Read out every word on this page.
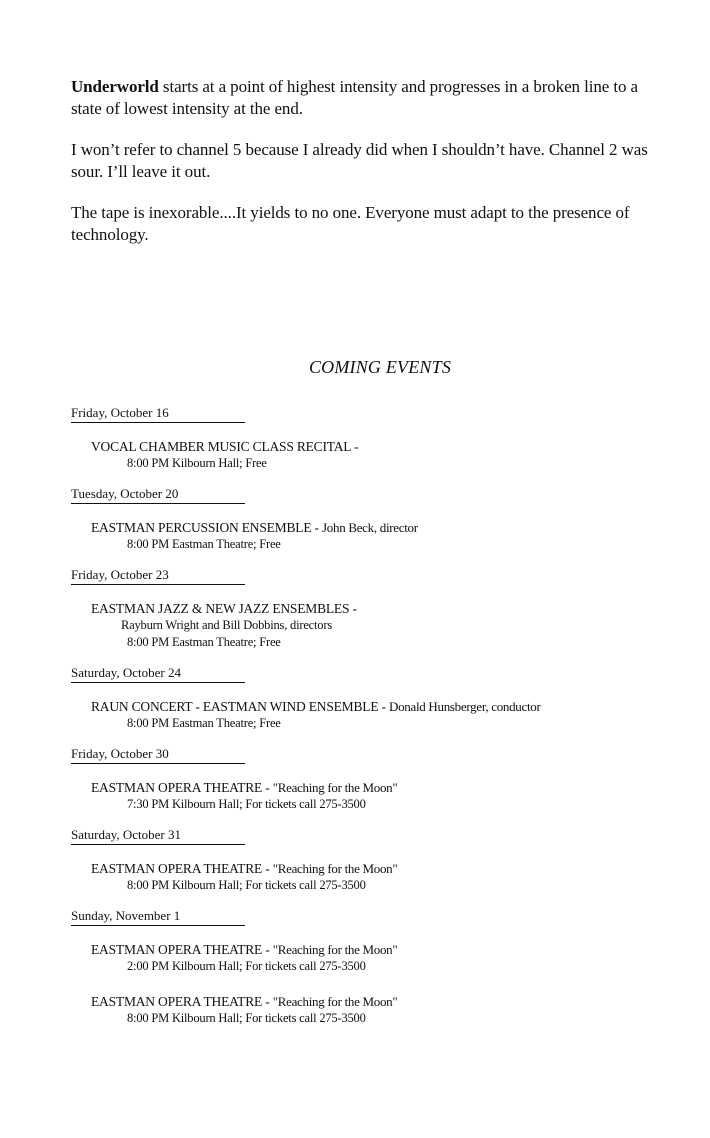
Underworld starts at a point of highest intensity and progresses in a broken line to a state of lowest intensity at the end.

I won’t refer to channel 5 because I already did when I shouldn’t have. Channel 2 was sour. I’ll leave it out.

The tape is inexorable....It yields to no one. Everyone must adapt to the presence of technology.

COMING EVENTS
Friday, October 16
VOCAL CHAMBER MUSIC CLASS RECITAL -
8:00 PM Kilbourn Hall; Free
Tuesday, October 20
EASTMAN PERCUSSION ENSEMBLE - John Beck, director
8:00 PM Eastman Theatre; Free
Friday, October 23
EASTMAN JAZZ & NEW JAZZ ENSEMBLES -
Rayburn Wright and Bill Dobbins, directors
8:00 PM Eastman Theatre; Free
Saturday, October 24
RAUN CONCERT - EASTMAN WIND ENSEMBLE - Donald Hunsberger, conductor
8:00 PM Eastman Theatre; Free
Friday, October 30
EASTMAN OPERA THEATRE - "Reaching for the Moon"
7:30 PM Kilbourn Hall; For tickets call 275-3500
Saturday, October 31
EASTMAN OPERA THEATRE - "Reaching for the Moon"
8:00 PM Kilbourn Hall; For tickets call 275-3500
Sunday, November 1
EASTMAN OPERA THEATRE - "Reaching for the Moon"
2:00 PM Kilbourn Hall; For tickets call 275-3500
EASTMAN OPERA THEATRE - "Reaching for the Moon"
8:00 PM Kilbourn Hall; For tickets call 275-3500
